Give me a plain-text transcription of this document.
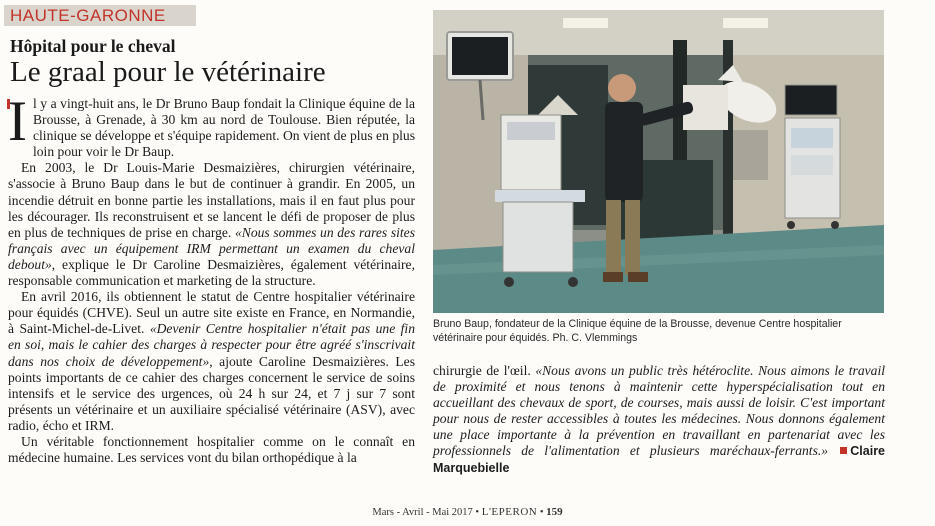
HAUTE-GARONNE
Hôpital pour le cheval
Le graal pour le vétérinaire

Il y a vingt-huit ans, le Dr Bruno Baup fondait la Clinique équine de la Brousse, à Grenade, à 30 km au nord de Toulouse. Bien réputée, la clinique se développe et s'équipe rapidement. On vient de plus en plus loin pour voir le Dr Baup.

En 2003, le Dr Louis-Marie Desmaizières, chirurgien vétérinaire, s'associe à Bruno Baup dans le but de continuer à grandir. En 2005, un incendie détruit en bonne partie les installations, mais il en faut plus pour les décourager. Ils reconstruisent et se lancent le défi de proposer de plus en plus de techniques de prise en charge. «Nous sommes un des rares sites français avec un équipement IRM permettant un examen du cheval debout», explique le Dr Caroline Desmaizières, également vétérinaire, responsable communication et marketing de la structure.

En avril 2016, ils obtiennent le statut de Centre hospitalier vétérinaire pour équidés (CHVE). Seul un autre site existe en France, en Normandie, à Saint-Michel-de-Livet. «Devenir Centre hospitalier n'était pas une fin en soi, mais le cahier des charges à respecter pour être agréé s'inscrivait dans nos choix de développement», ajoute Caroline Desmaizières. Les points importants de ce cahier des charges concernent le service de soins intensifs et le service des urgences, où 24 h sur 24, et 7 j sur 7 sont présents un vétérinaire et un auxiliaire spécialisé vétérinaire (ASV), avec radio, écho et IRM.

Un véritable fonctionnement hospitalier comme on le connaît en médecine humaine. Les services vont du bilan orthopédique à la

Bruno Baup, fondateur de la Clinique équine de la Brousse, devenue Centre hospitalier vétérinaire pour équidés. Ph. C. Vlemmings

chirurgie de l'œil. «Nous avons un public très hétéroclite. Nous aimons le travail de proximité et nous tenons à maintenir cette hyperspécialisation tout en accueillant des chevaux de sport, de courses, mais aussi de loisir. C'est important pour nous de rester accessibles à toutes les médecines. Nous donnons également une place importante à la prévention en travaillant en partenariat avec les professionnels de l'alimentation et plusieurs maréchaux-ferrants.» Claire Marquebielle

Mars - Avril - Mai 2017 • L'EPERON • 159
